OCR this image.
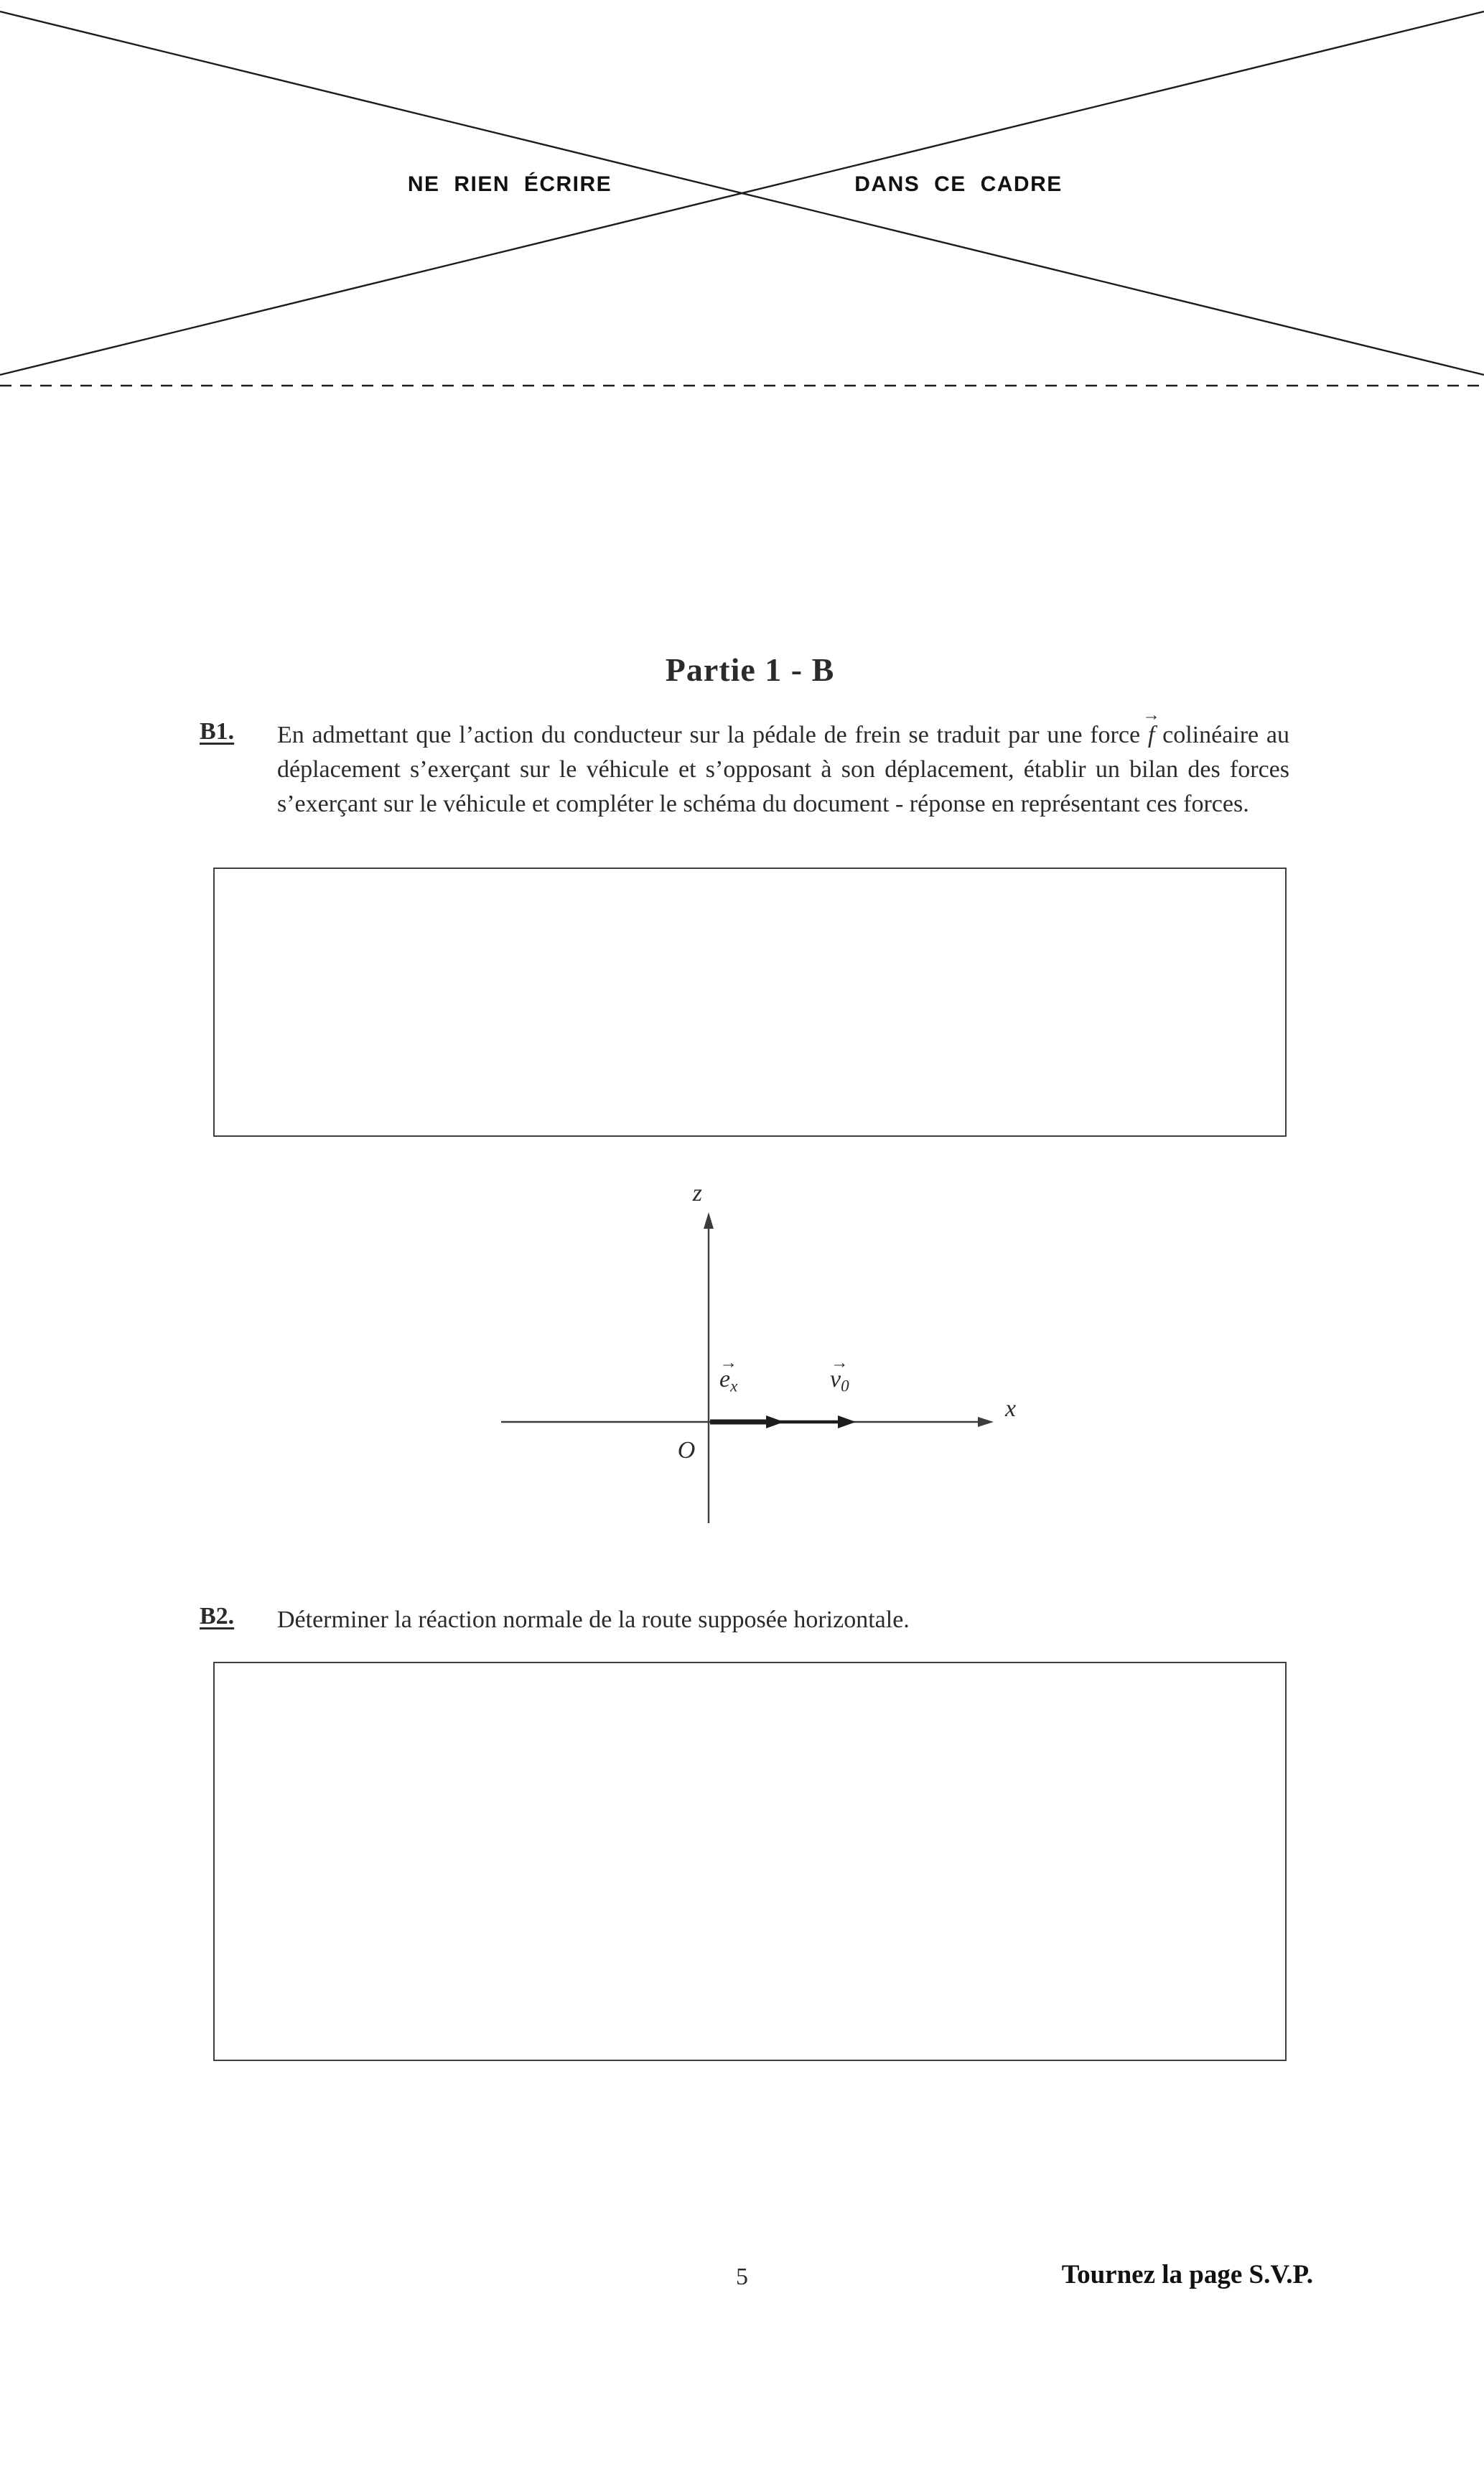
NE RIEN ÉCRIRE	DANS CE CADRE
Partie 1 - B
B1. En admettant que l’action du conducteur sur la pédale de frein se traduit par une force
→
f colinéaire au déplacement s’exerçant sur le véhicule et s’opposant à son déplacement, établir un bilan des forces s’exerçant sur le véhicule et compléter le schéma du document - réponse en représentant ces forces.

z
x
O
→
ex
→
v0
B2. Déterminer la réaction normale de la route supposée horizontale.

5	Tournez la page S.V.P.
